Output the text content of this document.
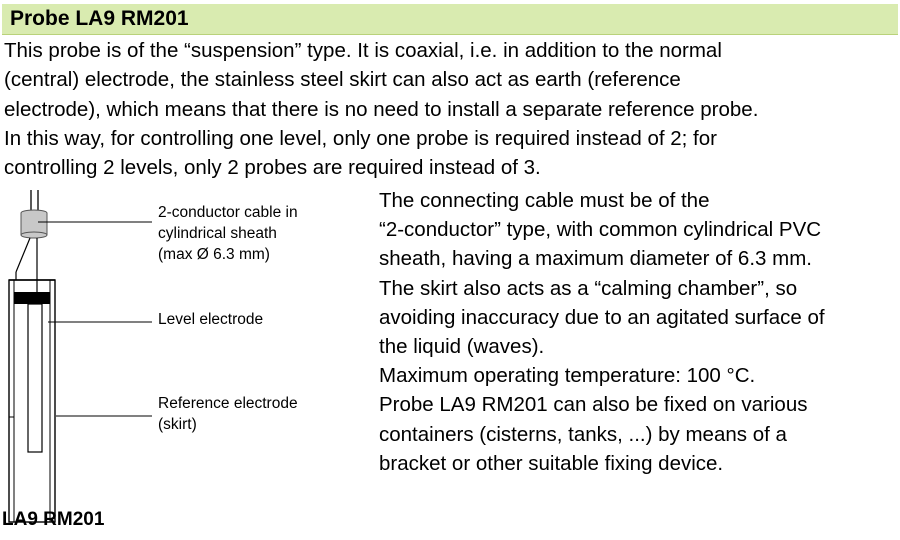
Probe LA9 RM201

This probe is of the “suspension” type. It is coaxial, i.e. in addition to the normal
(central) electrode, the stainless steel skirt can also act as earth (reference
electrode), which means that there is no need to install a separate reference probe.
In this way, for controlling one level, only one probe is required instead of 2; for
controlling 2 levels, only 2 probes are required instead of 3.

2-conductor cable in
cylindrical sheath
(max Ø 6.3 mm)
Level electrode
Reference electrode
(skirt)

The connecting cable must be of the
“2-conductor” type, with common cylindrical PVC
sheath, having a maximum diameter of 6.3 mm.
The skirt also acts as a “calming chamber”, so
avoiding inaccuracy due to an agitated surface of
the liquid (waves).
Maximum operating temperature: 100 °C.
Probe LA9 RM201 can also be fixed on various
containers (cisterns, tanks, ...) by means of a
bracket or other suitable fixing device.

LA9 RM201
